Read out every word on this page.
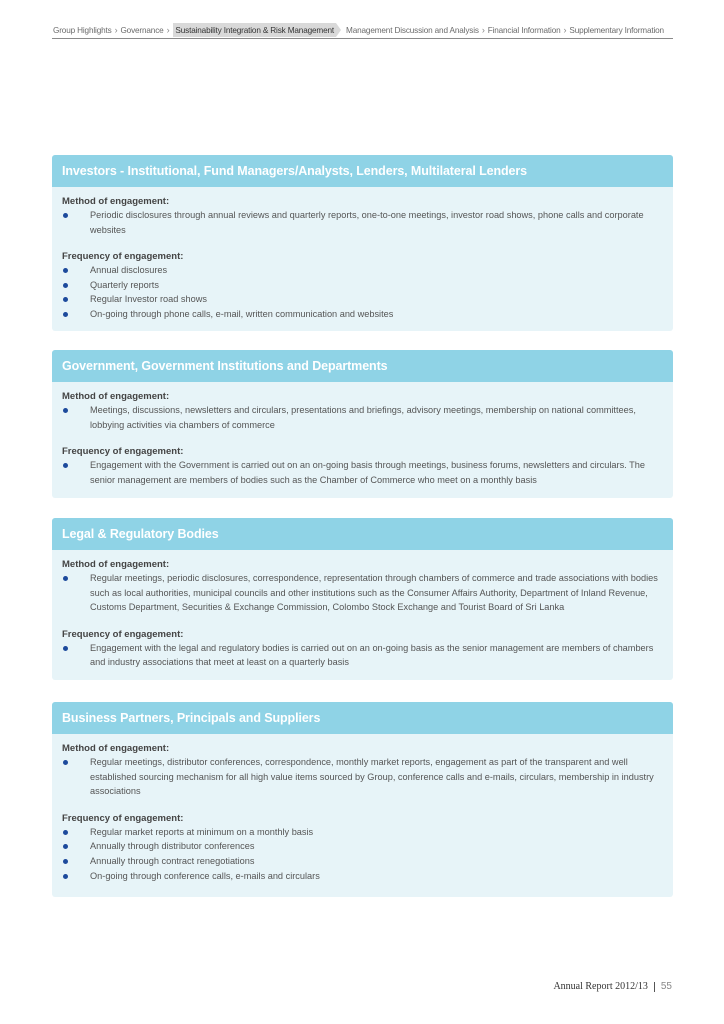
Group Highlights › Governance › Sustainability Integration & Risk Management Management Discussion and Analysis › Financial Information › Supplementary Information
Investors - Institutional, Fund Managers/Analysts, Lenders, Multilateral Lenders

Method of engagement:

Periodic disclosures through annual reviews and quarterly reports, one-to-one meetings, investor road shows, phone calls and corporate websites

Frequency of engagement:

Annual disclosures
Quarterly reports
Regular Investor road shows
On-going through phone calls, e-mail, written communication and websites
Government, Government Institutions and Departments

Method of engagement:

Meetings, discussions, newsletters and circulars, presentations and briefings, advisory meetings, membership on national committees, lobbying activities via chambers of commerce

Frequency of engagement:

Engagement with the Government is carried out on an on-going basis through meetings, business forums, newsletters and circulars. The senior management are members of bodies such as the Chamber of Commerce who meet on a monthly basis
Legal & Regulatory Bodies

Method of engagement:

Regular meetings, periodic disclosures, correspondence, representation through chambers of commerce and trade associations with bodies such as local authorities, municipal councils and other institutions such as the Consumer Affairs Authority, Department of Inland Revenue, Customs Department, Securities & Exchange Commission, Colombo Stock Exchange and Tourist Board of Sri Lanka

Frequency of engagement:

Engagement with the legal and regulatory bodies is carried out on an on-going basis as the senior management are members of chambers and industry associations that meet at least on a quarterly basis
Business Partners, Principals and Suppliers

Method of engagement:

Regular meetings, distributor conferences, correspondence, monthly market reports, engagement as part of the transparent and well established sourcing mechanism for all high value items sourced by Group, conference calls and e-mails, circulars, membership in industry associations

Frequency of engagement:

Regular market reports at minimum on a monthly basis
Annually through distributor conferences
Annually through contract renegotiations
On-going through conference calls, e-mails and circulars
Annual Report 2012/13 55
